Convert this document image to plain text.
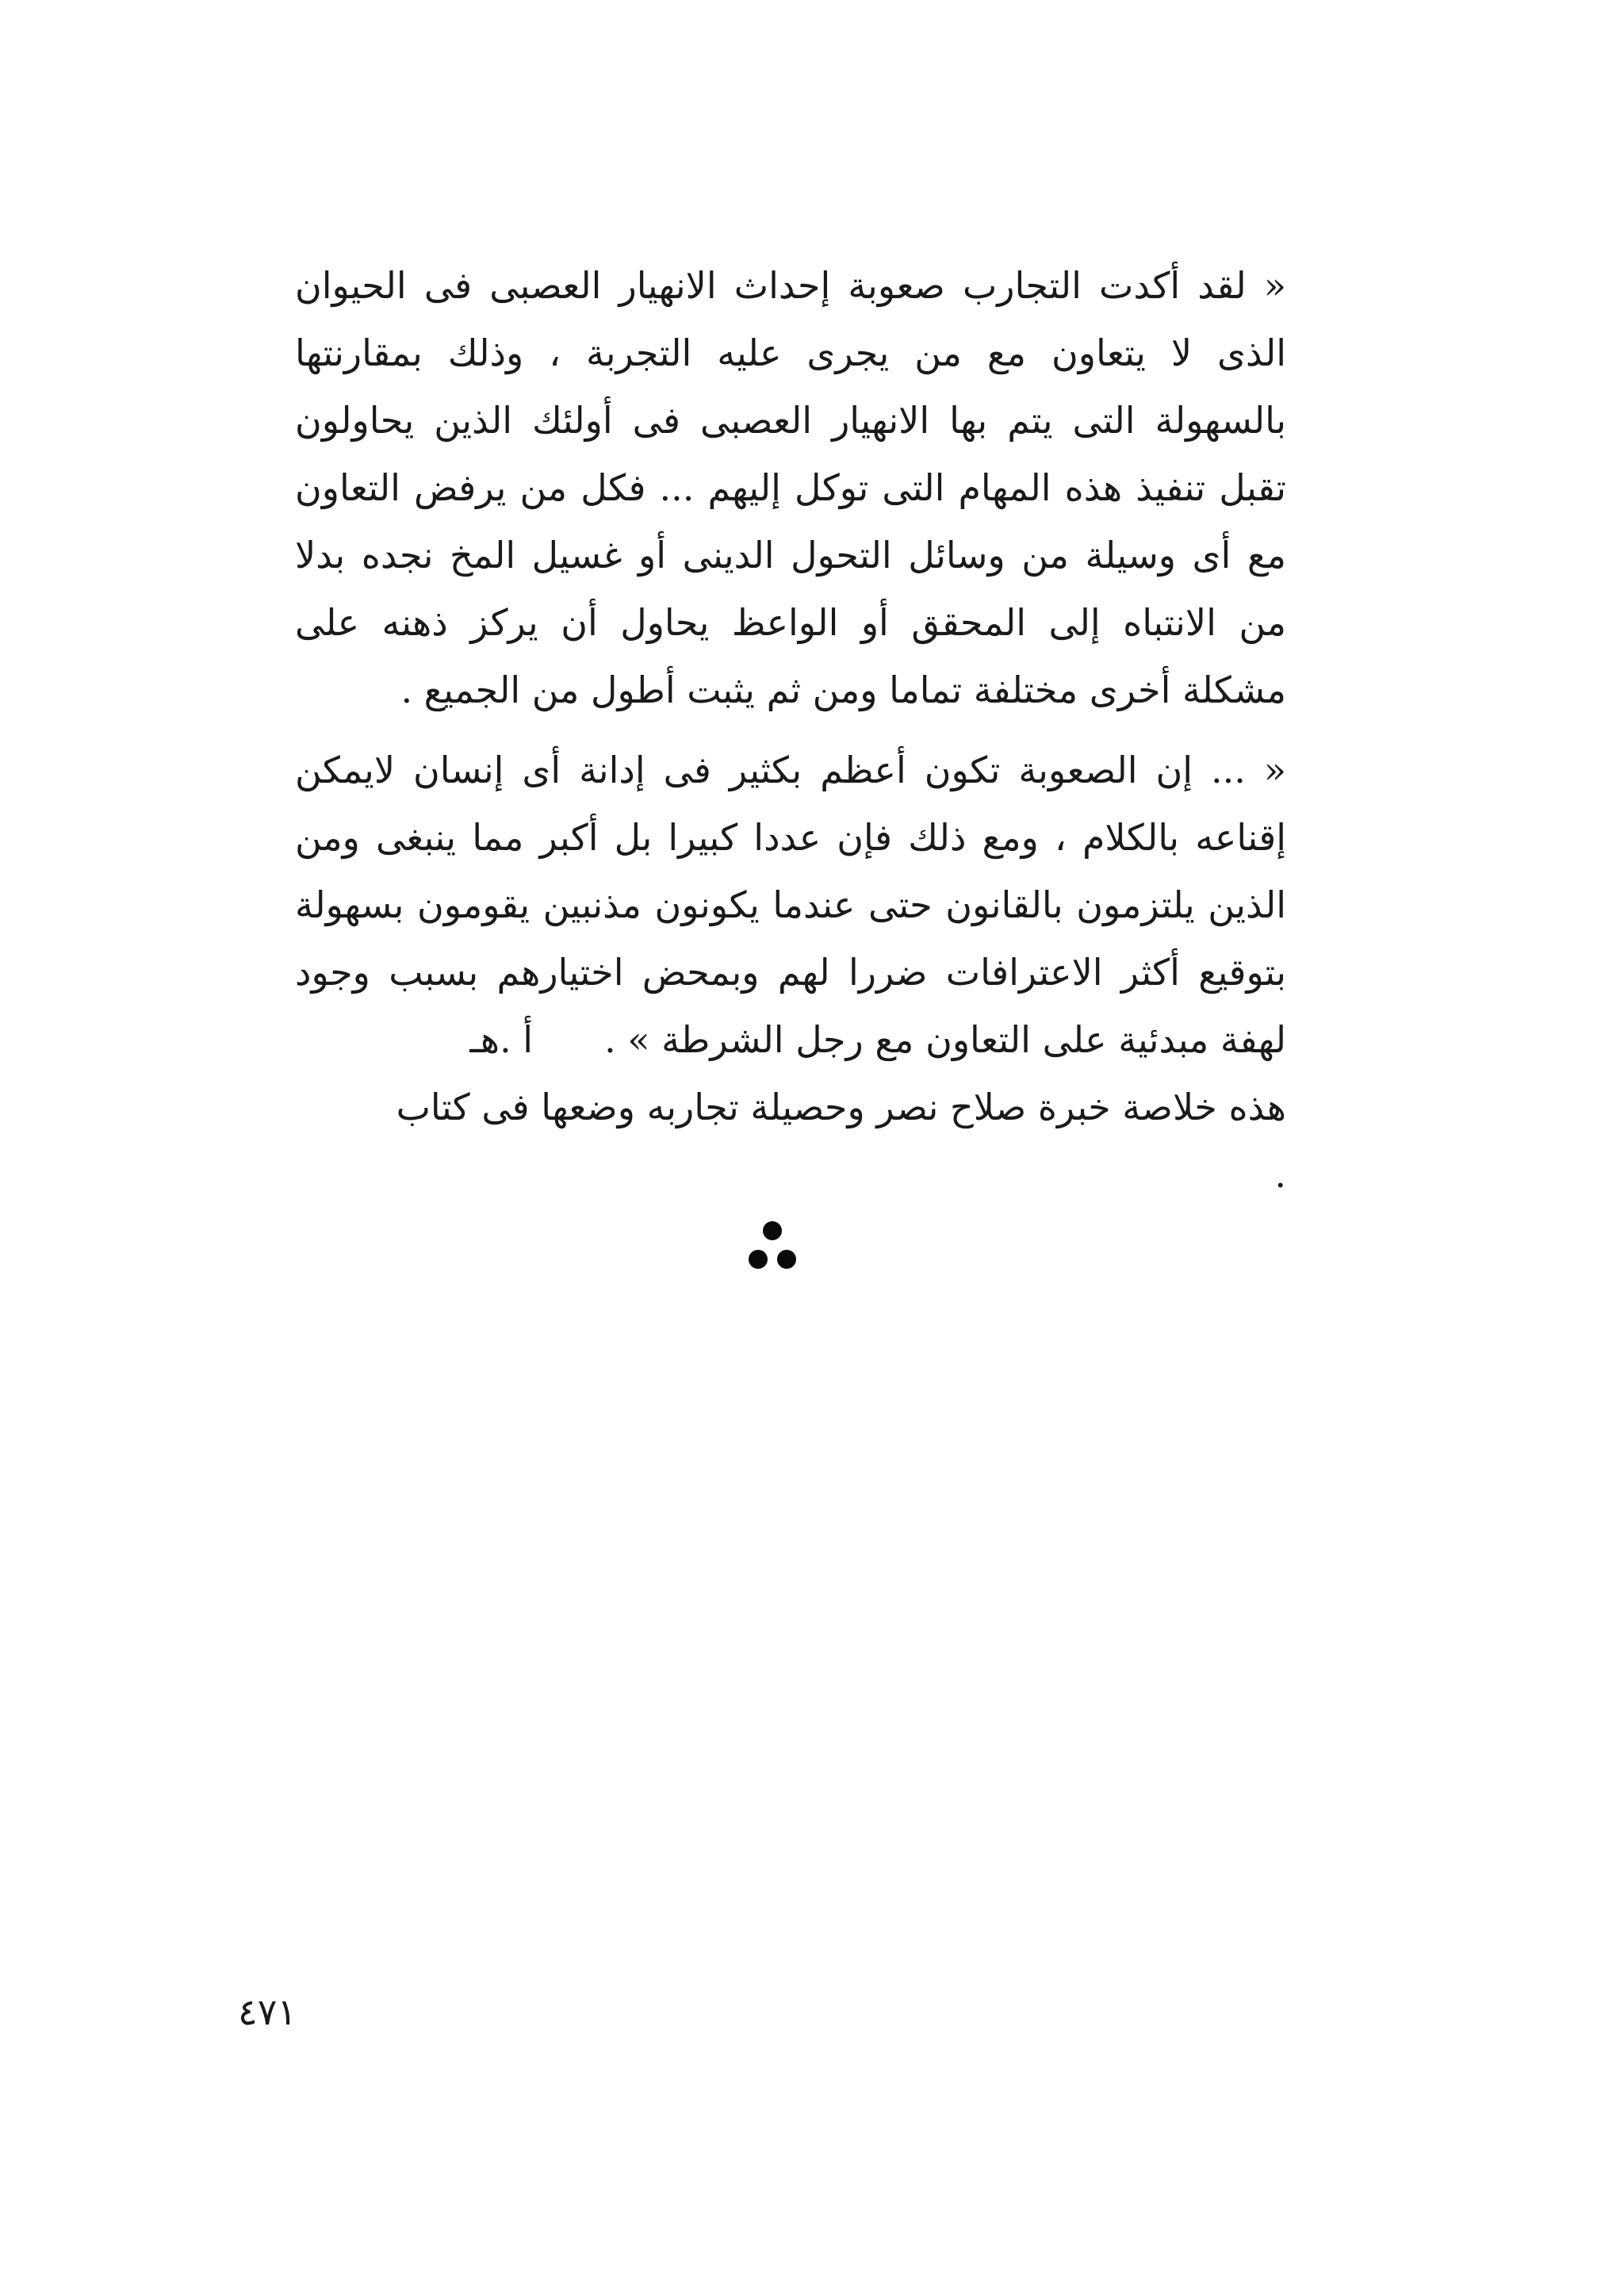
« لقد أكدت التجارب صعوبة إحداث الانهيار العصبى فى الحيوان الذى لا يتعاون مع من يجرى عليه التجربة ، وذلك بمقارنتها بالسهولة التى يتم بها الانهيار العصبى فى أولئك الذين يحاولون تقبل تنفيذ هذه المهام التى توكل إليهم ... فكل من يرفض التعاون مع أى وسيلة من وسائل التحول الدينى أو غسيل المخ نجده بدلا من الانتباه إلى المحقق أو الواعظ يحاول أن يركز ذهنه على مشكلة أخرى مختلفة تماما ومن ثم يثبت أطول من الجميع .

« ... إن الصعوبة تكون أعظم بكثير فى إدانة أى إنسان لايمكن إقناعه بالكلام ، ومع ذلك فإن عددا كبيرا بل أكبر مما ينبغى ومن الذين يلتزمون بالقانون حتى عندما يكونون مذنبين يقومون بسهولة بتوقيع أكثر الاعترافات ضررا لهم وبمحض اختيارهم بسبب وجود لهفة مبدئية على التعاون مع رجل الشرطة » .أ .هـ

هذه خلاصة خبرة صلاح نصر وحصيلة تجاربه وضعها فى كتاب .

٤٧١
